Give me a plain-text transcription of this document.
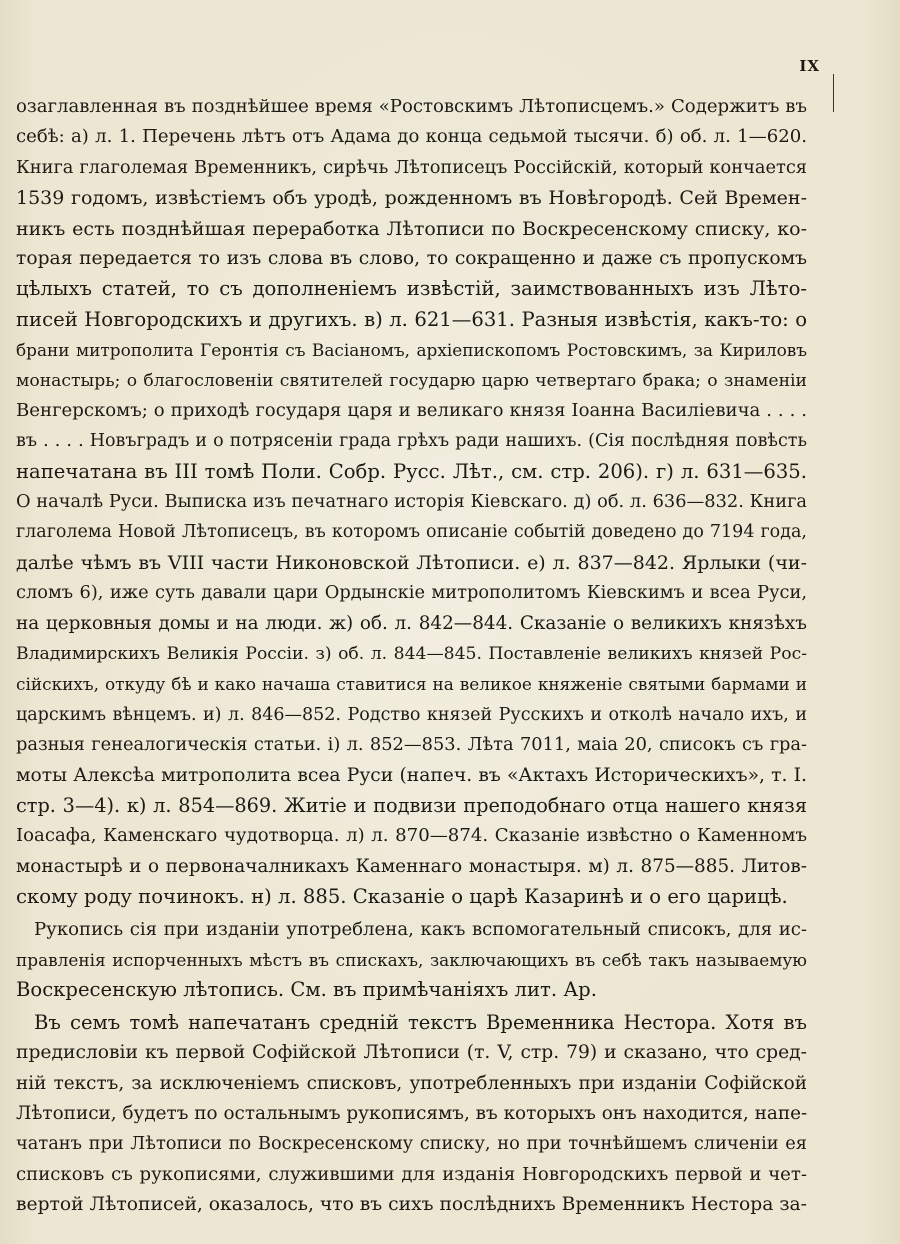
IX
озаглавленная въ позднѣйшее время «Ростовскимъ Лѣтописцемъ.» Содержитъ въ
себѣ: а) л. 1. Перечень лѣтъ отъ Адама до конца седьмой тысячи. б) об. л. 1—620.
Книга глаголемая Временникъ, сирѣчь Лѣтописецъ Россійскій, который кончается
1539 годомъ, извѣстіемъ объ уродѣ, рожденномъ въ Новѣгородѣ. Сей Времен-
никъ есть позднѣйшая переработка Лѣтописи по Воскресенскому списку, ко-
торая передается то изъ слова въ слово, то сокращенно и даже съ пропускомъ
цѣлыхъ статей, то съ дополненіемъ извѣстій, заимствованныхъ изъ Лѣто-
писей Новгородскихъ и другихъ. в) л. 621—631. Разныя извѣстія, какъ-то: о
брани митрополита Геронтія съ Васіаномъ, архіепископомъ Ростовскимъ, за Кириловъ
монастырь; о благословеніи святителей государю царю четвертаго брака; о знаменіи
Венгерскомъ; о приходѣ государя царя и великаго князя Іоанна Василіевича . . . .
въ . . . . Новъградъ и о потрясеніи града грѣхъ ради нашихъ. (Сія послѣдняя повѣсть
напечатана въ III томѣ Поли. Собр. Русс. Лѣт., см. стр. 206). г) л. 631—635.
О началѣ Руси. Выписка изъ печатнаго исторія Кіевскаго. д) об. л. 636—832. Книга
глаголема Новой Лѣтописецъ, въ которомъ описаніе событій доведено до 7194 года,
далѣе чѣмъ въ VIII части Никоновской Лѣтописи. е) л. 837—842. Ярлыки (чи-
сломъ 6), иже суть давали цари Ордынскіе митрополитомъ Кіевскимъ и всеа Руси,
на церковныя домы и на люди. ж) об. л. 842—844. Сказаніе о великихъ князѣхъ
Владимирскихъ Великія Россіи. з) об. л. 844—845. Поставленіе великихъ князей Рос-
сійскихъ, откуду бѣ и како начаша ставитися на великое княженіе святыми бармами и
царскимъ вѣнцемъ. и) л. 846—852. Родство князей Русскихъ и отколѣ начало ихъ, и
разныя генеалогическія статьи. і) л. 852—853. Лѣта 7011, маіа 20, списокъ съ гра-
моты Алексѣа митрополита всеа Руси (напеч. въ «Актахъ Историческихъ», т. I.
стр. 3—4). к) л. 854—869. Житіе и подвизи преподобнаго отца нашего князя
Іоасафа, Каменскаго чудотворца. л) л. 870—874. Сказаніе извѣстно о Каменномъ
монастырѣ и о первоначалникахъ Каменнаго монастыря. м) л. 875—885. Литов-
скому роду починокъ. н) л. 885. Сказаніе о царѣ Казаринѣ и о его царицѣ.
Рукопись сія при изданіи употреблена, какъ вспомогательный списокъ, для ис-
правленія испорченныхъ мѣстъ въ спискахъ, заключающихъ въ себѣ такъ называемую
Воскресенскую лѣтопись. См. въ примѣчаніяхъ лит. Ар.
Въ семъ томѣ напечатанъ средній текстъ Временника Нестора. Хотя въ
предисловіи къ первой Софійской Лѣтописи (т. V, стр. 79) и сказано, что сред-
ній текстъ, за исключеніемъ списковъ, употребленныхъ при изданіи Софійской
Лѣтописи, будетъ по остальнымъ рукописямъ, въ которыхъ онъ находится, напе-
чатанъ при Лѣтописи по Воскресенскому списку, но при точнѣйшемъ сличеніи ея
списковъ съ рукописями, служившими для изданія Новгородскихъ первой и чет-
вертой Лѣтописей, оказалось, что въ сихъ послѣднихъ Временникъ Нестора за-
